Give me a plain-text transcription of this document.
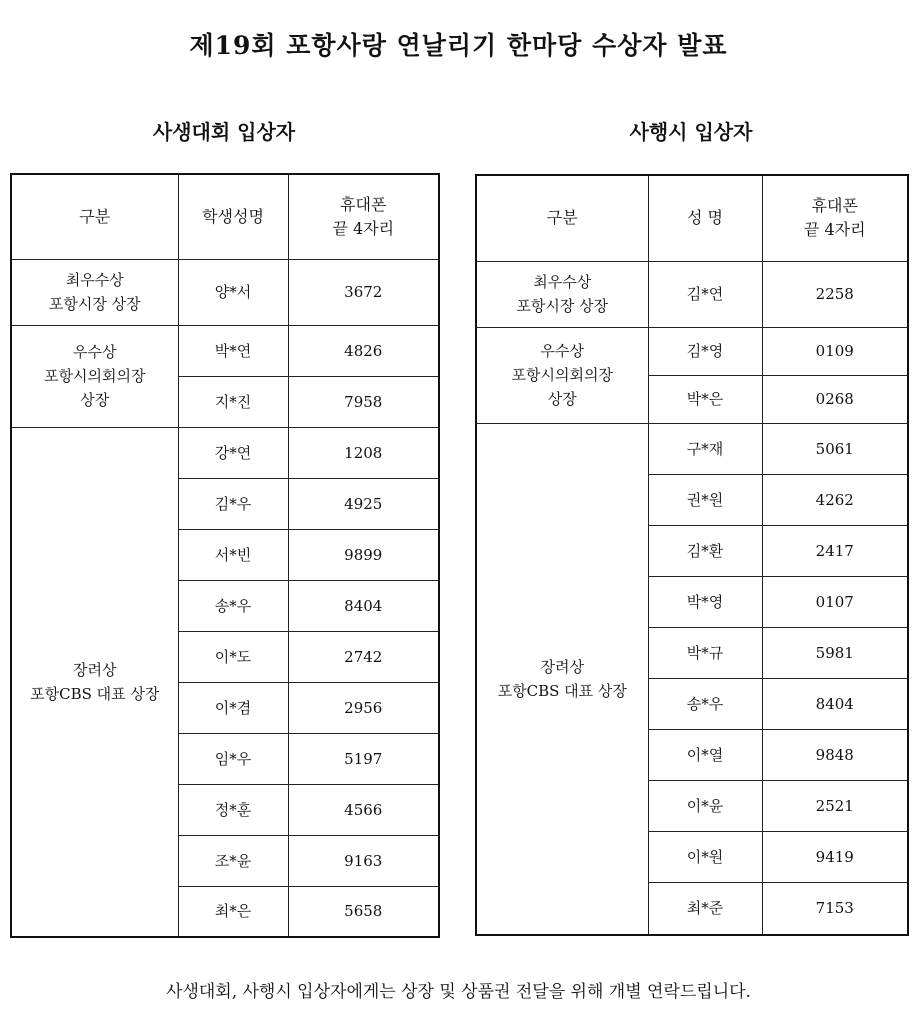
제19회 포항사랑 연날리기 한마당 수상자 발표
사생대회 입상자	사행시 입상자
구분	학생성명	휴대폰
끝 4자리

최우수상
포항시장 상장	양*서	3672

우수상
포항시의회의장
상장	박*연	4826
	지*진	7958

장려상
포항CBS 대표 상장	강*연	1208
	김*우	4925
	서*빈	9899
	송*우	8404
	이*도	2742
	이*겸	2956
	임*우	5197
	정*훈	4566
	조*윤	9163
	최*은	5658
구분	성 명	휴대폰
끝 4자리

최우수상
포항시장 상장	김*연	2258

우수상
포항시의회의장
상장	김*영	0109
	박*은	0268

장려상
포항CBS 대표 상장	구*재	5061
	권*원	4262
	김*환	2417
	박*영	0107
	박*규	5981
	송*우	8404
	이*열	9848
	이*윤	2521
	이*원	9419
	최*준	7153
사생대회, 사행시 입상자에게는 상장 및 상품권 전달을 위해 개별 연락드립니다.
